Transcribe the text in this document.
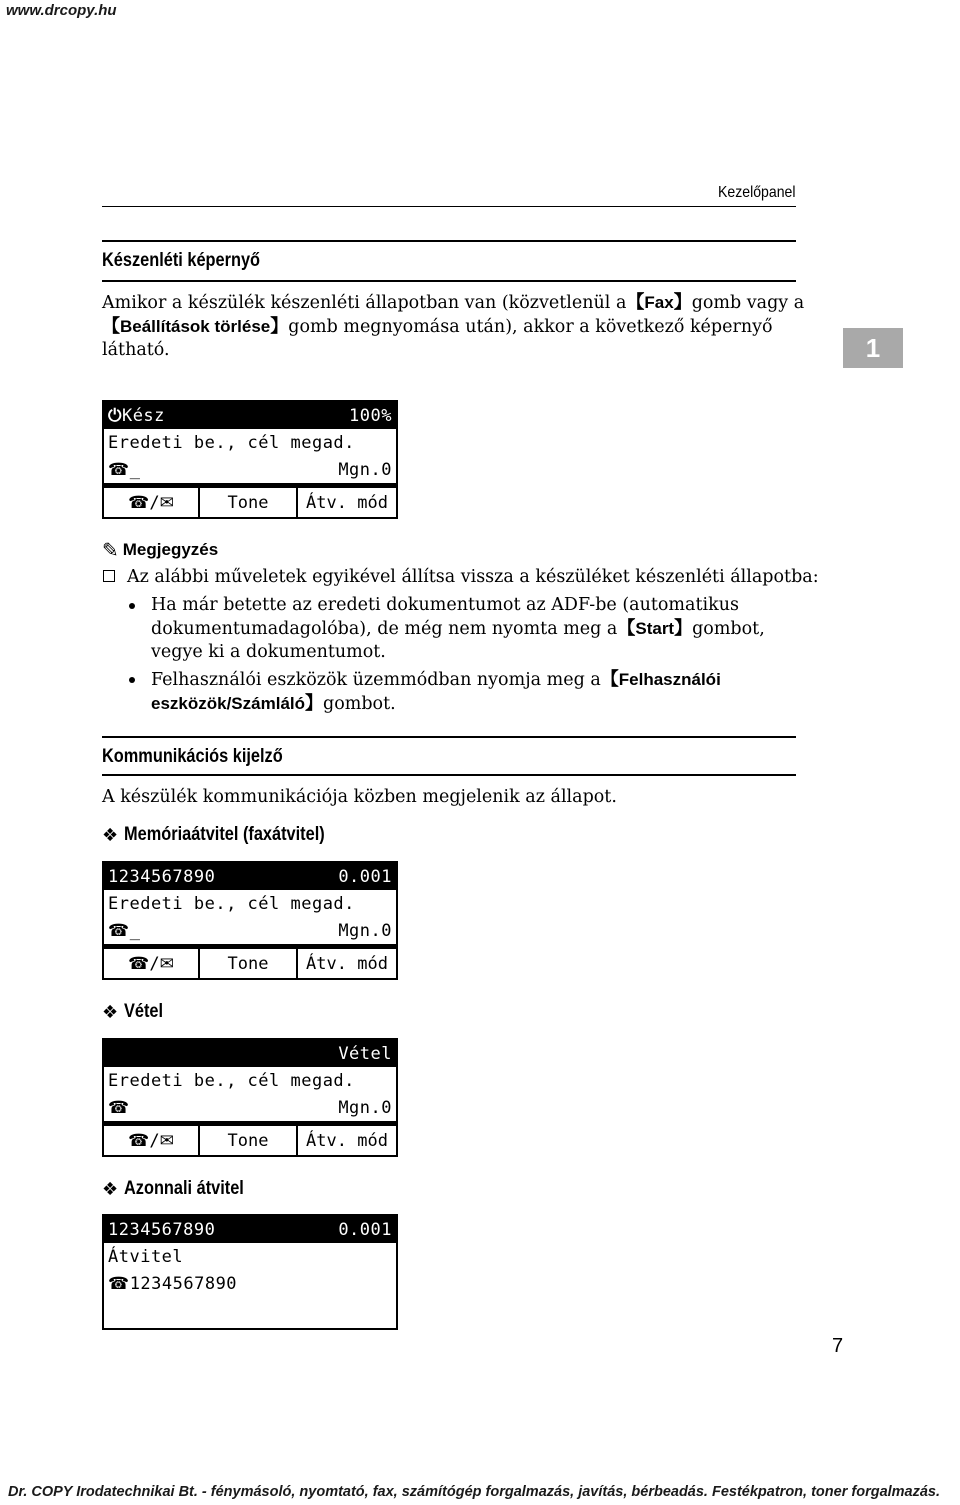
www.drcopy.hu
Kezelőpanel
1
Készenléti képernyő
Amikor a készülék készenléti állapotban van (közvetlenül a【Fax】gomb vagy a
【Beállítások törlése】gomb megnyomása után), akkor a következő képernyő
látható.
⏻Kész	100%
Eredeti be., cél megad.
☎_	Mgn.0
☎ / ✉	Tone	Átv. mód
✎ Megjegyzés
Az alábbi műveletek egyikével állítsa vissza a készüléket készenléti állapotba:
Ha már betette az eredeti dokumentumot az ADF-be (automatikus
dokumentumadagolóba), de még nem nyomta meg a【Start】gombot,
vegye ki a dokumentumot.
Felhasználói eszközök üzemmódban nyomja meg a【Felhasználói
eszközök/Számláló】gombot.
Kommunikációs kijelző
A készülék kommunikációja közben megjelenik az állapot.
❖ Memóriaátvitel (faxátvitel)
1234567890	0.001
Eredeti be., cél megad.
☎_	Mgn.0
☎ / ✉	Tone	Átv. mód
❖ Vétel
Vétel
Eredeti be., cél megad.
☎	Mgn.0
☎ / ✉	Tone	Átv. mód
❖ Azonnali átvitel
1234567890	0.001
Átvitel
☎1234567890
7
Dr. COPY Irodatechnikai Bt. - fénymásoló, nyomtató, fax, számítógép forgalmazás, javítás, bérbeadás. Festékpatron, toner forgalmazás.
